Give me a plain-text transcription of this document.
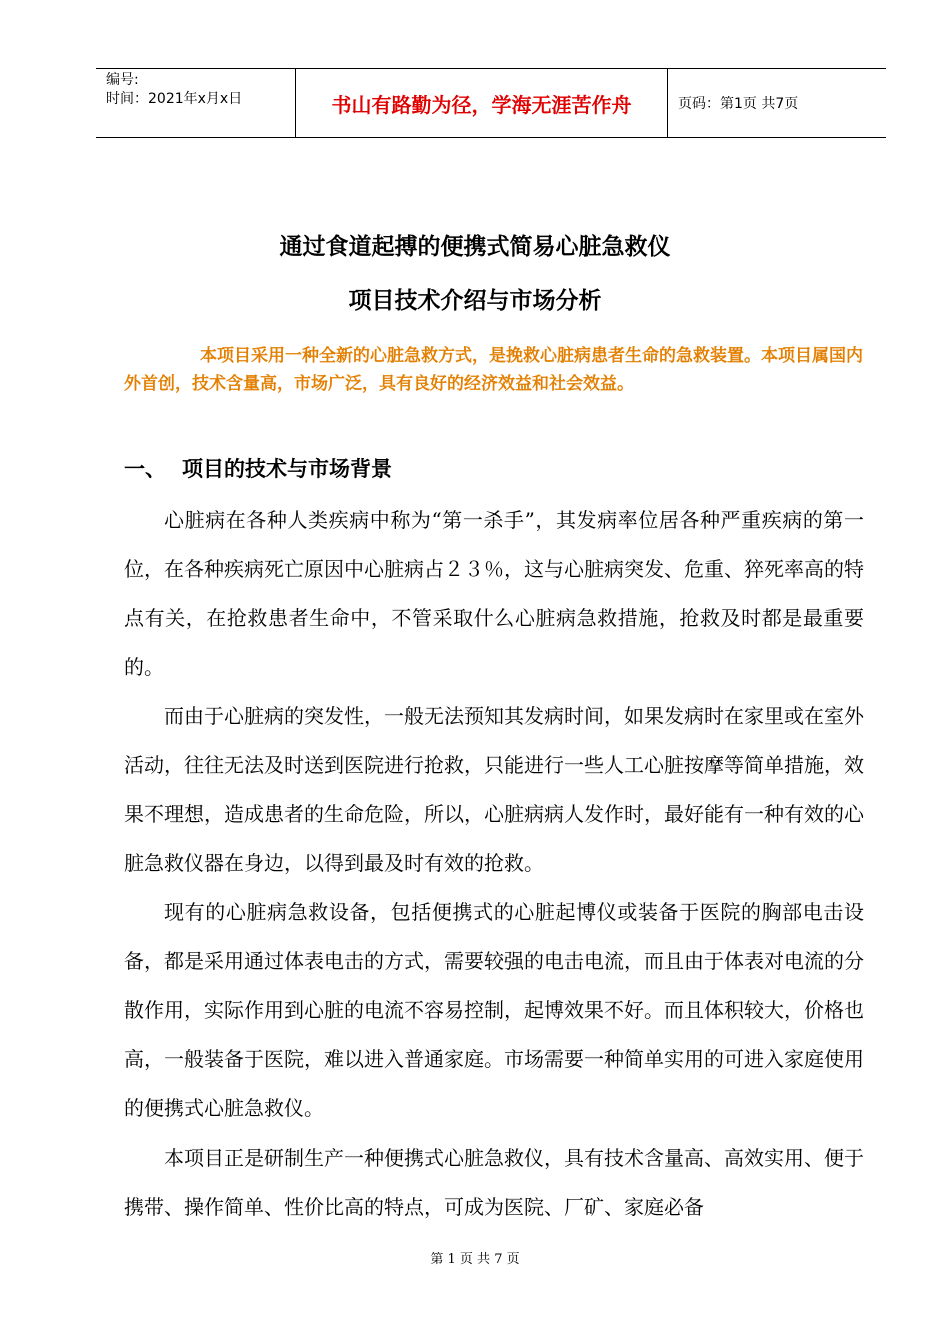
编号:
时间：2021年x月x日	书山有路勤为径，学海无涯苦作舟	页码：第1页 共7页
通过食道起搏的便携式简易心脏急救仪
项目技术介绍与市场分析
本项目采用一种全新的心脏急救方式，是挽救心脏病患者生命的急救装置。本项目属国内外首创，技术含量高，市场广泛，具有良好的经济效益和社会效益。
一、 项目的技术与市场背景
心脏病在各种人类疾病中称为“第一杀手”，其发病率位居各种严重疾病的第一位，在各种疾病死亡原因中心脏病占２３％，这与心脏病突发、危重、猝死率高的特点有关，在抢救患者生命中，不管采取什么心脏病急救措施，抢救及时都是最重要的。
而由于心脏病的突发性，一般无法预知其发病时间，如果发病时在家里或在室外活动，往往无法及时送到医院进行抢救，只能进行一些人工心脏按摩等简单措施，效果不理想，造成患者的生命危险，所以，心脏病病人发作时，最好能有一种有效的心脏急救仪器在身边，以得到最及时有效的抢救。
现有的心脏病急救设备，包括便携式的心脏起博仪或装备于医院的胸部电击设备，都是采用通过体表电击的方式，需要较强的电击电流，而且由于体表对电流的分散作用，实际作用到心脏的电流不容易控制，起博效果不好。而且体积较大，价格也高，一般装备于医院，难以进入普通家庭。市场需要一种简单实用的可进入家庭使用的便携式心脏急救仪。
本项目正是研制生产一种便携式心脏急救仪，具有技术含量高、高效实用、便于携带、操作简单、性价比高的特点，可成为医院、厂矿、家庭必备
第 1 页 共 7 页
